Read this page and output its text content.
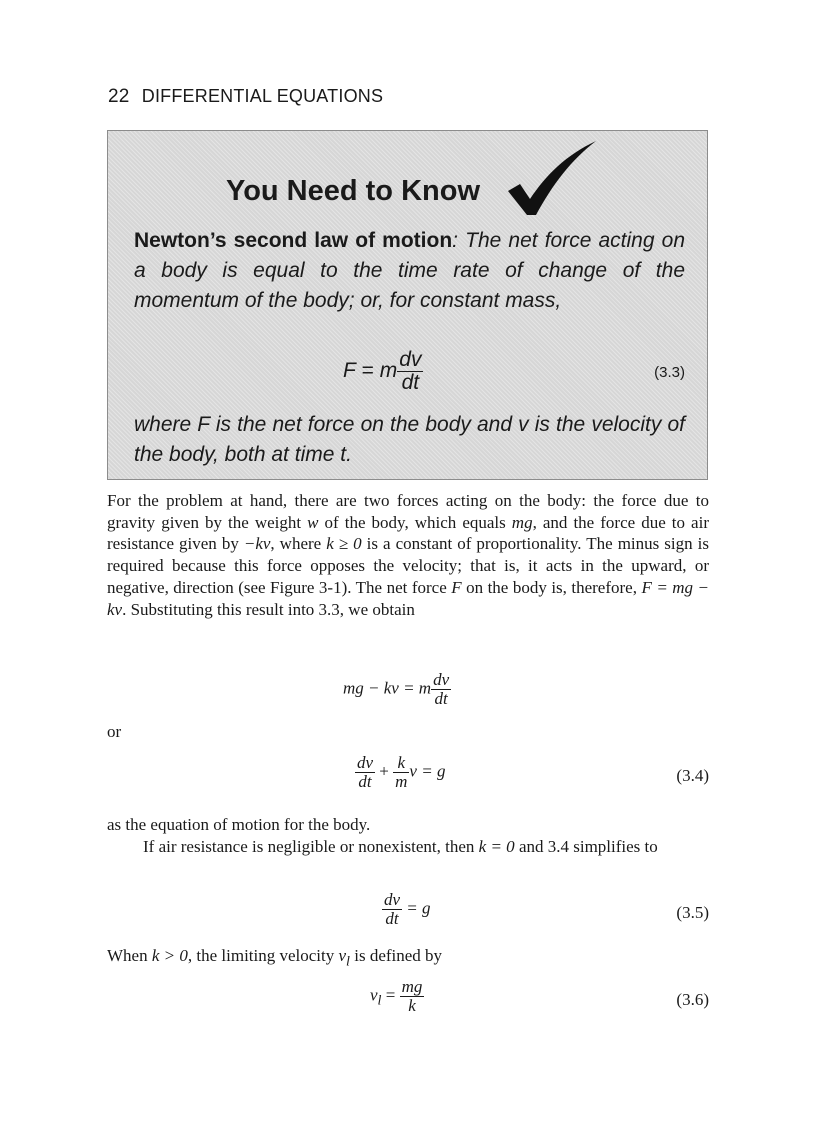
22 DIFFERENTIAL EQUATIONS
You Need to Know
Newton’s second law of motion: The net force acting on a body is equal to the time rate of change of the momentum of the body; or, for constant mass,
F = m $\frac{dv}{dt}$	(3.3)
where F is the net force on the body and v is the velocity of the body, both at time t.
For the problem at hand, there are two forces acting on the body: the force due to gravity given by the weight w of the body, which equals mg, and the force due to air resistance given by −kv, where k ≥ 0 is a constant of proportionality. The minus sign is required because this force opposes the velocity; that is, it acts in the upward, or negative, direction (see Figure 3-1). The net force F on the body is, therefore, F = mg − kv. Substituting this result into 3.3, we obtain
mg − kv = m $\frac{dv}{dt}$
or
$\frac{dv}{dt} + \frac{k}{m}$ v = g	(3.4)
as the equation of motion for the body.
If air resistance is negligible or nonexistent, then k = 0 and 3.4 simplifies to
$\frac{dv}{dt} = g$	(3.5)
When k > 0, the limiting velocity $v_l$ is defined by
$v_l = \frac{mg}{k}$	(3.6)
